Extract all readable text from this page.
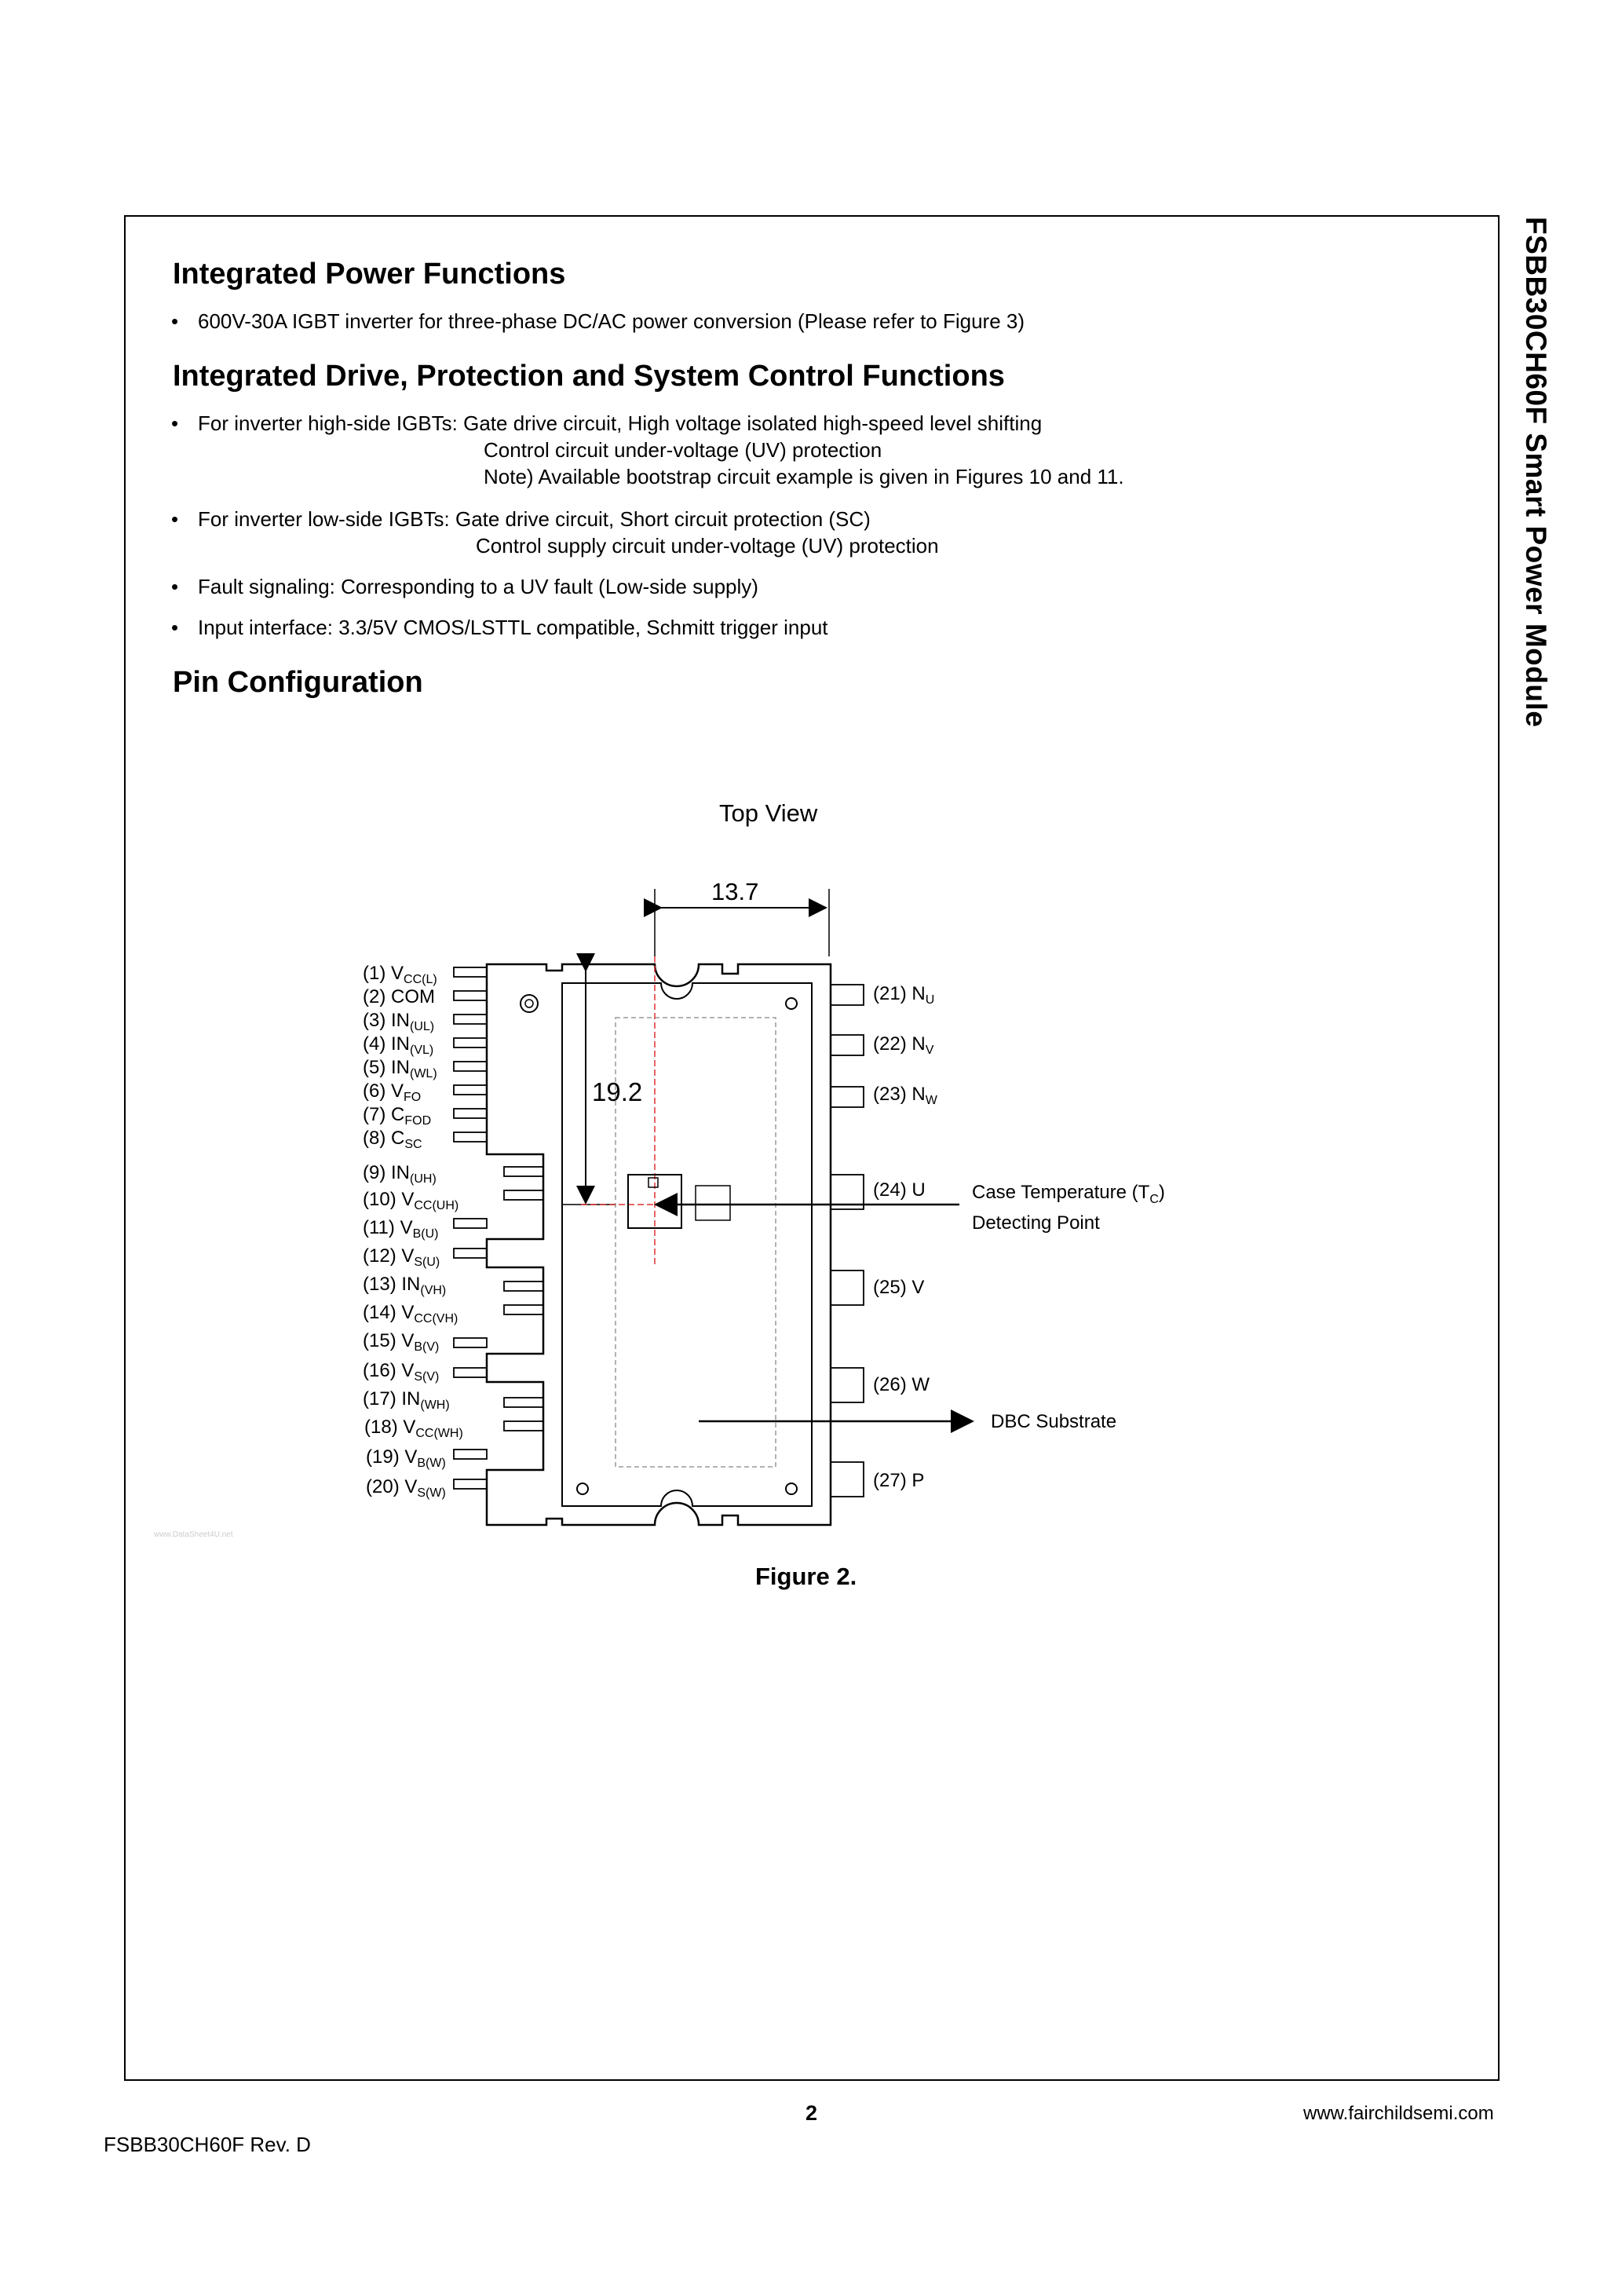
FSBB30CH60F Smart Power Module
Integrated Power Functions
• 600V-30A IGBT inverter for three-phase DC/AC power conversion (Please refer to Figure 3)
Integrated Drive, Protection and System Control Functions
• For inverter high-side IGBTs: Gate drive circuit, High voltage isolated high-speed level shifting
Control circuit under-voltage (UV) protection
Note) Available bootstrap circuit example is given in Figures 10 and 11.
• For inverter low-side IGBTs: Gate drive circuit, Short circuit protection (SC)
Control supply circuit under-voltage (UV) protection
• Fault signaling: Corresponding to a UV fault (Low-side supply)
• Input interface: 3.3/5V CMOS/LSTTL compatible, Schmitt trigger input
Pin Configuration
Top View
13.7
19.2
(1) $V_{CC(L)}$
(2) COM
(3) $IN_{(UL)}$
(4) $IN_{(VL)}$
(5) $IN_{(WL)}$
(6) $V_{FO}$
(7) $C_{FOD}$
(8) $C_{SC}$
(9) $IN_{(UH)}$
(10) $V_{CC(UH)}$
(11) $V_{B(U)}$
(12) $V_{S(U)}$
(13) $IN_{(VH)}$
(14) $V_{CC(VH)}$
(15) $V_{B(V)}$
(16) $V_{S(V)}$
(17) $IN_{(WH)}$
(18) $V_{CC(WH)}$
(19) $V_{B(W)}$
(20) $V_{S(W)}$
(21) $N_U$
(22) $N_V$
(23) $N_W$
(24) U
(25) V
(26) W
(27) P
Case Temperature $(T_C)$
Detecting Point
DBC Substrate
www.DataSheet4U.net
Figure 2.
2	www.fairchildsemi.com
FSBB30CH60F Rev. D
